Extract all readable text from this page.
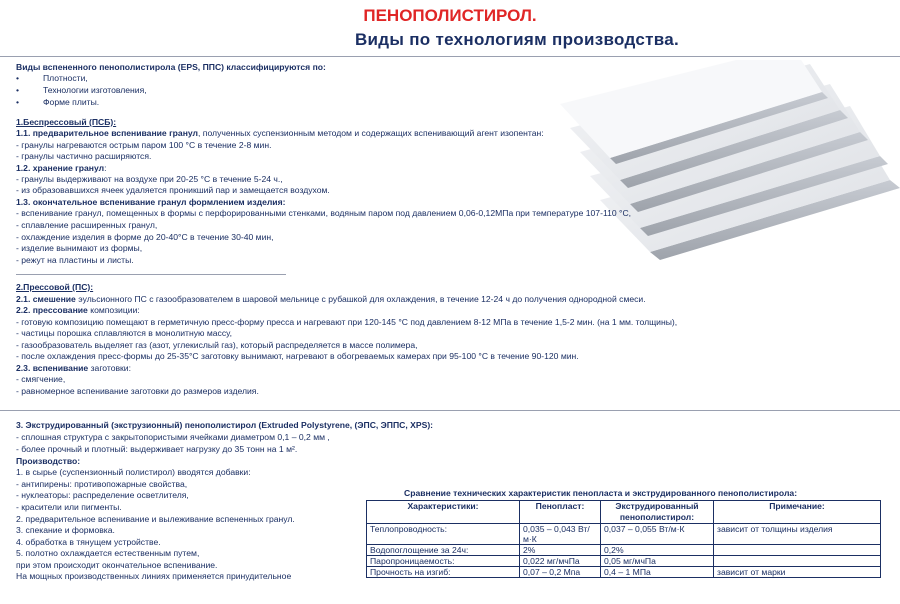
ПЕНОПОЛИСТИРОЛ.
Виды по технологиям производства.
Виды вспененного пенополистирола (EPS, ППС) классифицируются по:
•	Плотности,
•	Технологии изготовления,
•	Форме плиты.
1.Беспрессовый (ПСБ):
1.1. предварительное вспенивание гранул, полученных суспензионным методом и содержащих вспенивающий агент изопентан:
- гранулы нагреваются острым паром 100 °С в течение 2-8 мин.
- гранулы частично расширяются.
1.2. хранение гранул:
- гранулы выдерживают на воздухе при 20-25 °С в течение 5-24 ч.,
- из образовавшихся ячеек удаляется проникший пар и замещается воздухом.
1.3. окончательное вспенивание гранул формлением изделия:
- вспенивание гранул, помещенных в формы с перфорированными стенками, водяным паром под давлением 0,06-0,12МПа при температуре 107-110 °С,
- сплавление расширенных гранул,
- охлаждение изделия в форме до 20-40°С в течение 30-40 мин,
- изделие вынимают из формы,
- режут на пластины и листы.
2.Прессовой (ПС):
2.1. смешение эульсионного ПС с газообразователем в шаровой мельнице с рубашкой для охлаждения, в течение 12-24 ч до получения однородной смеси.
2.2. прессование композиции:
- готовую композицию помещают в герметичную пресс-форму пресса и нагревают при 120-145 °С под давлением 8-12 МПа в течение 1,5-2 мин. (на 1 мм. толщины),
- частицы порошка сплавляются в монолитную массу,
- газообразователь выделяет газ (азот, углекислый газ), который распределяется в массе полимера,
- после охлаждения пресс-формы до 25-35°С заготовку вынимают, нагревают в обогреваемых камерах при 95-100 °С в течение 90-120 мин.
2.3. вспенивание заготовки:
- смягчение,
- равномерное вспенивание заготовки до размеров изделия.
3. Экструдированный (экструзионный) пенополистирол (Extruded Polystyrene, (ЭПС, ЭППС, XPS):
- сплошная структура с закрытопористыми ячейками диаметром 0,1 – 0,2 мм ,
- более прочный и плотный: выдерживает нагрузку до 35 тонн на 1 м².
Производство:
1. в сырье (суспензионный полистирол) вводятся добавки:
- антипирены: противопожарные свойства,
- нуклеаторы: распределение осветлителя,
- красители или пигменты.
2. предварительное вспенивание и вылеживание вспененных гранул.
3. спекание и формовка.
4. обработка в тянущем устройстве.
5. полотно охлаждается естественным путем,
при этом происходит окончательное вспенивание.
На мощных производственных линиях применяется принудительное
Сравнение технических характеристик пенопласта и экструдированного пенополистирола:
Характеристики:	Пенопласт:	Экструдированный пенополистирол:	Примечание:
Теплопроводность:	0,035 – 0,043 Вт/м·К	0,037 – 0,055 Вт/м·К	зависит от толщины изделия
Водопоглощение за 24ч:	2%	0,2%	
Паропроницаемость:	0,022 мг/мчПа	0,05 мг/мчПа	
Прочность на изгиб:	0,07 – 0,2 Мпа	0,4 – 1 МПа	зависит от марки
